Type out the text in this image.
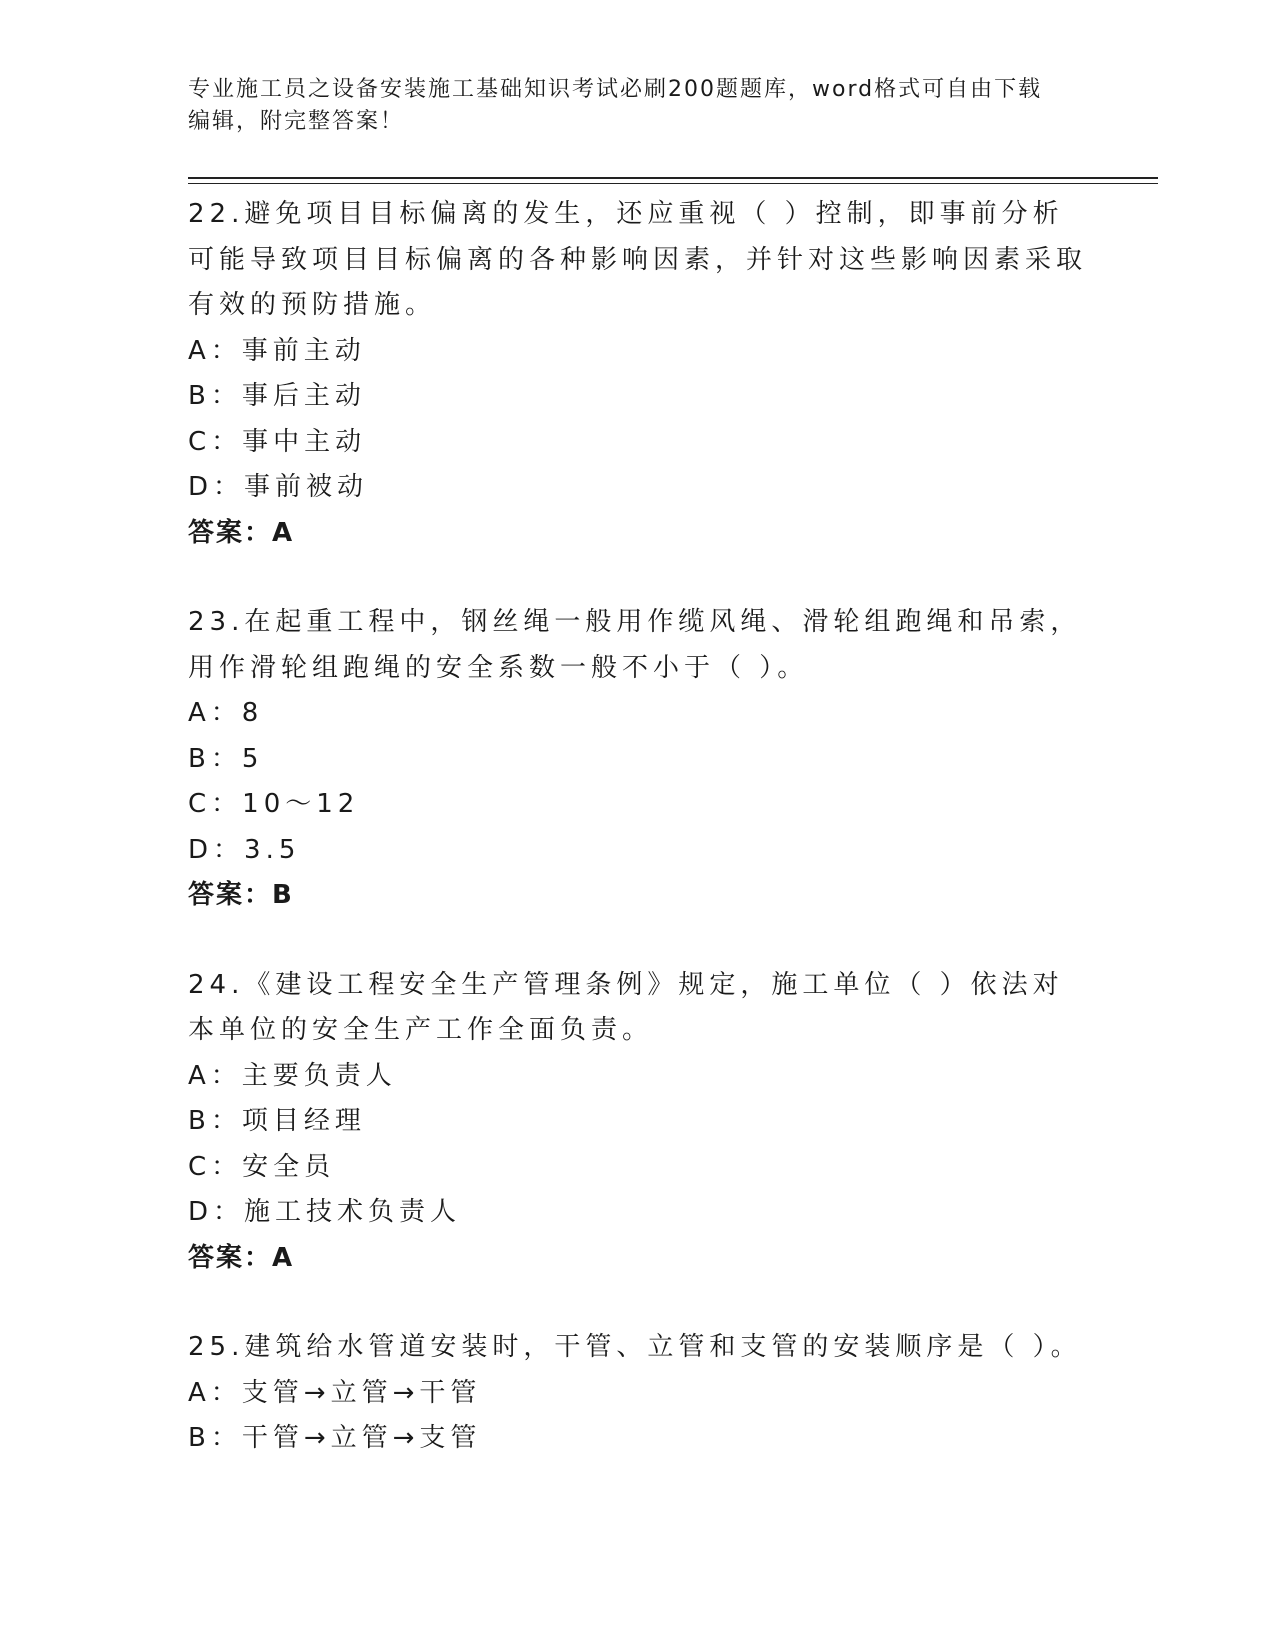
专业施工员之设备安装施工基础知识考试必刷200题题库，word格式可自由下载
编辑，附完整答案！

22.避免项目目标偏离的发生，还应重视（ ）控制，即事前分析可能导致项目目标偏离的各种影响因素，并针对这些影响因素采取有效的预防措施。

A：事前主动

B：事后主动

C：事中主动

D：事前被动

答案：A

23.在起重工程中，钢丝绳一般用作缆风绳、滑轮组跑绳和吊索，用作滑轮组跑绳的安全系数一般不小于（ ）。

A：8

B：5

C：10～12

D：3.5

答案：B

24.《建设工程安全生产管理条例》规定，施工单位（ ）依法对本单位的安全生产工作全面负责。

A：主要负责人

B：项目经理

C：安全员

D：施工技术负责人

答案：A

25.建筑给水管道安装时，干管、立管和支管的安装顺序是（ ）。

A：支管→立管→干管

B：干管→立管→支管
